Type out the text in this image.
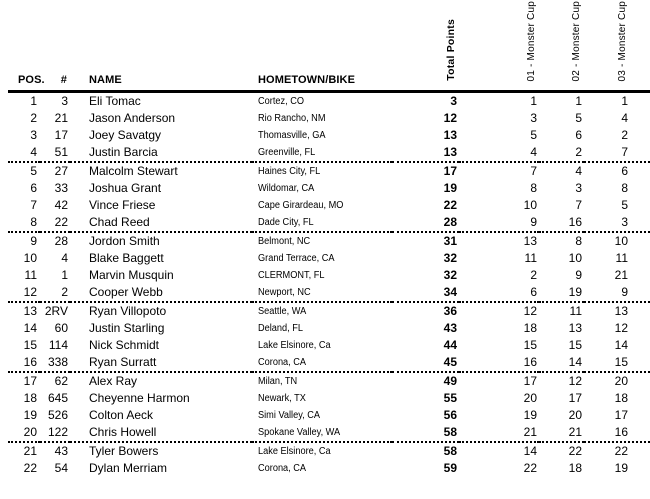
POS.	#	NAME	HOMETOWN/BIKE	Total Points	01 - Monster Cup	02 - Monster Cup	03 - Monster Cup
1	3	Eli Tomac	Cortez, CO	3	1	1	1
2	21	Jason Anderson	Rio Rancho, NM	12	3	5	4
3	17	Joey Savatgy	Thomasville, GA	13	5	6	2
4	51	Justin Barcia	Greenville, FL	13	4	2	7
5	27	Malcolm Stewart	Haines City, FL	17	7	4	6
6	33	Joshua Grant	Wildomar, CA	19	8	3	8
7	42	Vince Friese	Cape Girardeau, MO	22	10	7	5
8	22	Chad Reed	Dade City, FL	28	9	16	3
9	28	Jordon Smith	Belmont, NC	31	13	8	10
10	4	Blake Baggett	Grand Terrace, CA	32	11	10	11
11	1	Marvin Musquin	CLERMONT, FL	32	2	9	21
12	2	Cooper Webb	Newport, NC	34	6	19	9
13	2RV	Ryan Villopoto	Seattle, WA	36	12	11	13
14	60	Justin Starling	Deland, FL	43	18	13	12
15	114	Nick Schmidt	Lake Elsinore, Ca	44	15	15	14
16	338	Ryan Surratt	Corona, CA	45	16	14	15
17	62	Alex Ray	Milan, TN	49	17	12	20
18	645	Cheyenne Harmon	Newark, TX	55	20	17	18
19	526	Colton Aeck	Simi Valley, CA	56	19	20	17
20	122	Chris Howell	Spokane Valley, WA	58	21	21	16
21	43	Tyler Bowers	Lake Elsinore, Ca	58	14	22	22
22	54	Dylan Merriam	Corona, CA	59	22	18	19
